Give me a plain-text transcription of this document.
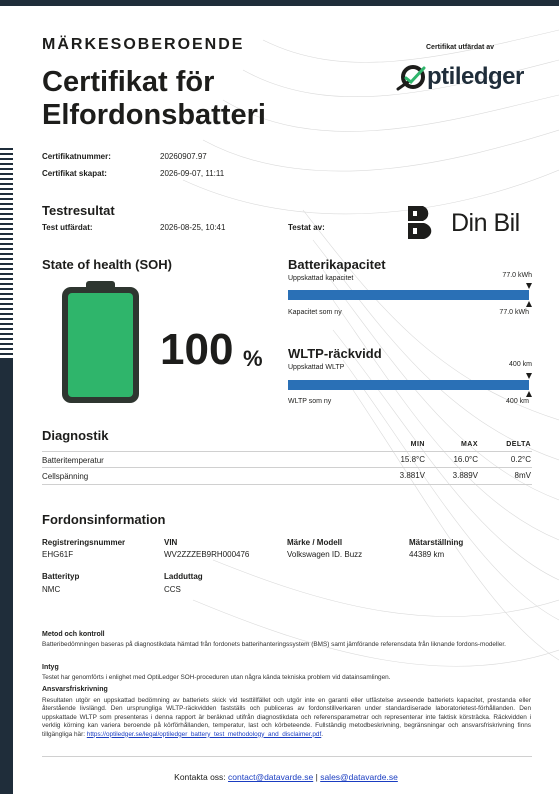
MÄRKESOBEROENDE
Certifikat för
Elfordonsbatteri
Certifikat utfärdat av
ptiledger
Certifikatnummer:	20260907.97
Certifikat skapat:	2026-09-07, 11:11
Testresultat
Test utfärdat:	2026-08-25, 10:41	Testat av:	Din Bil
State of health (SOH)
100 %
Batterikapacitet
Uppskattad kapacitet	77.0 kWh
Kapacitet som ny	77.0 kWh
WLTP-räckvidd
Uppskattad WLTP	400 km
WLTP som ny	400 km
Diagnostik
MIN	MAX	DELTA
Batteritemperatur	15.8°C	16.0°C	0.2°C
Cellspänning	3.881V	3.889V	8mV
Fordonsinformation
Registreringsnummer
EHG61F
VIN
WV2ZZZEB9RH000476
Märke / Modell
Volkswagen ID. Buzz
Mätarställning
44389 km
Batterityp
NMC
Ladduttag
CCS
Metod och kontroll
Batteribedömningen baseras på diagnostikdata hämtad från fordonets batterihanteringssystem (BMS) samt jämförande referensdata från liknande fordons-modeller.
Intyg
Testet har genomförts i enlighet med OptiLedger SOH-proceduren utan några kända tekniska problem vid datainsamlingen.
Ansvarsfriskrivning
Resultaten utgör en uppskattad bedömning av batteriets skick vid testtillfället och utgör inte en garanti eller utfästelse avseende batteriets kapacitet, prestanda eller återstående livslängd. Den ursprungliga WLTP-räckvidden fastställs och publiceras av fordonstillverkaren under standardiserade laboratorietest-förhållanden. Den uppskattade WLTP som presenteras i denna rapport är beräknad utifrån diagnostikdata och referensparametrar och representerar inte faktisk körsträcka. Räckvidden i verklig körning kan variera beroende på körförhållanden, temperatur, last och körbeteende. Fullständig metodbeskrivning, begränsningar och ansvarsfriskrivning finns tillgängliga här: https://optiledger.se/legal/optiledger_battery_test_methodology_and_disclaimer.pdf.
Kontakta oss: contact@datavarde.se | sales@datavarde.se
